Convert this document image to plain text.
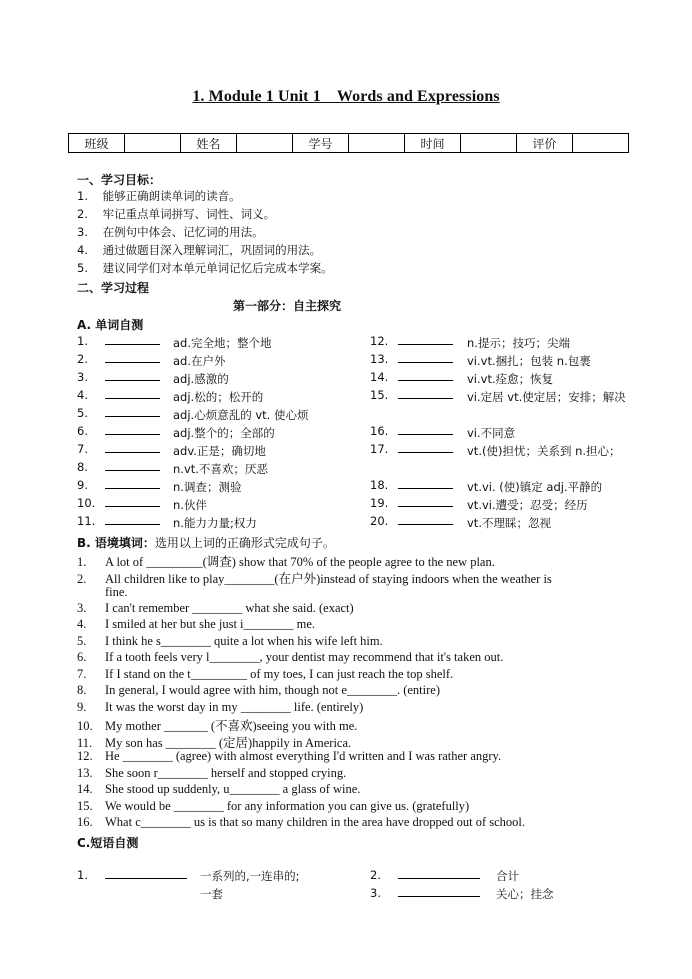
1. Module 1 Unit 1    Words and Expressions
班级		姓名		学号		时间		评价	
一、学习目标：
1.    能够正确朗读单词的读音。
2.    牢记重点单词拼写、词性、词义。
3.    在例句中体会、记忆词的用法。
4.    通过做题目深入理解词汇，巩固词的用法。
5.    建议同学们对本单元单词记忆后完成本学案。
二、学习过程
第一部分：自主探究
A. 单词自测
1.	ad.完全地；整个地
2.	ad.在户外
3.	adj.感激的
4.	adj.松的；松开的
5.	adj.心烦意乱的 vt. 使心烦
6.	adj.整个的；全部的
7.	adv.正是；确切地
8.	n.vt.不喜欢；厌恶
9.	n.调查；测验
10.	n.伙伴
11.	n.能力力量;权力
12.	n.提示；技巧；尖端
13.	vi.vt.捆扎；包装 n.包裹
14.	vi.vt.痊愈；恢复
15.	vi.定居 vt.使定居；安排；解决
16.	vi.不同意
17.	vt.(使)担忧；关系到 n.担心；
18.	vt.vi. (使)镇定 adj.平静的
19.	vt.vi.遭受；忍受；经历
20.	vt.不理睬；忽视
B. 语境填词：选用以上词的正确形式完成句子。
1. A lot of _________(调查) show that 70% of the people agree to the new plan.
2. All children like to play________(在户外)instead of staying indoors when the weather is
fine.
3. I can't remember ________ what she said. (exact)
4. I smiled at her but she just i________ me.
5. I think he s________ quite a lot when his wife left him.
6. If a tooth feels very l________, your dentist may recommend that it's taken out.
7. If I stand on the t_________ of my toes, I can just reach the top shelf.
8. In general, I would agree with him, though not e________. (entire)
9. It was the worst day in my ________ life. (entirely)
10. My mother _______ (不喜欢)seeing you with me.
11. My son has ________ (定居)happily in America.
12. He ________ (agree) with almost everything I'd written and I was rather angry.
13. She soon r________ herself and stopped crying.
14. She stood up suddenly, u________ a glass of wine.
15. We would be ________ for any information you can give us. (gratefully)
16. What c________ us is that so many children in the area have dropped out of school.
C.短语自测
1.	一系列的,一连串的;
一套
2.	合计
3.	关心；挂念
